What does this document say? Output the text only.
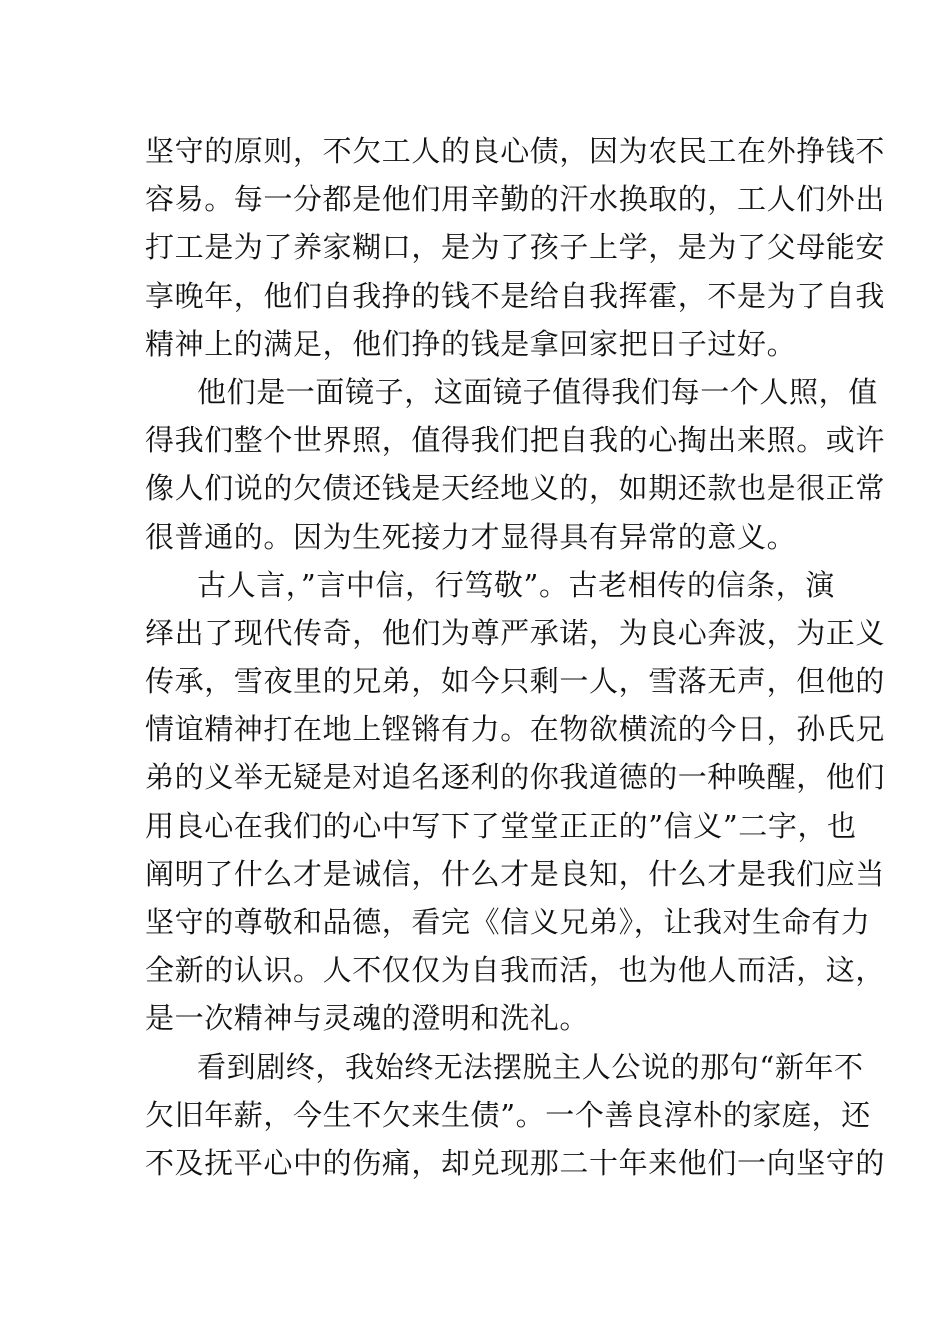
坚守的原则，不欠工人的良心债，因为农民工在外挣钱不
容易。每一分都是他们用辛勤的汗水换取的，工人们外出
打工是为了养家糊口，是为了孩子上学，是为了父母能安
享晚年，他们自我挣的钱不是给自我挥霍，不是为了自我
精神上的满足，他们挣的钱是拿回家把日子过好。
他们是一面镜子，这面镜子值得我们每一个人照，值
得我们整个世界照，值得我们把自我的心掏出来照。或许
像人们说的欠债还钱是天经地义的，如期还款也是很正常
很普通的。因为生死接力才显得具有异常的意义。
古人言，”言中信，行笃敬”。古老相传的信条，演
绎出了现代传奇，他们为尊严承诺，为良心奔波，为正义
传承，雪夜里的兄弟，如今只剩一人，雪落无声，但他的
情谊精神打在地上铿锵有力。在物欲横流的今日，孙氏兄
弟的义举无疑是对追名逐利的你我道德的一种唤醒，他们
用良心在我们的心中写下了堂堂正正的”信义”二字，也
阐明了什么才是诚信，什么才是良知，什么才是我们应当
坚守的尊敬和品德，看完《信义兄弟》，让我对生命有力
全新的认识。人不仅仅为自我而活，也为他人而活，这，
是一次精神与灵魂的澄明和洗礼。
看到剧终，我始终无法摆脱主人公说的那句“新年不
欠旧年薪，今生不欠来生债”。一个善良淳朴的家庭，还
不及抚平心中的伤痛，却兑现那二十年来他们一向坚守的
